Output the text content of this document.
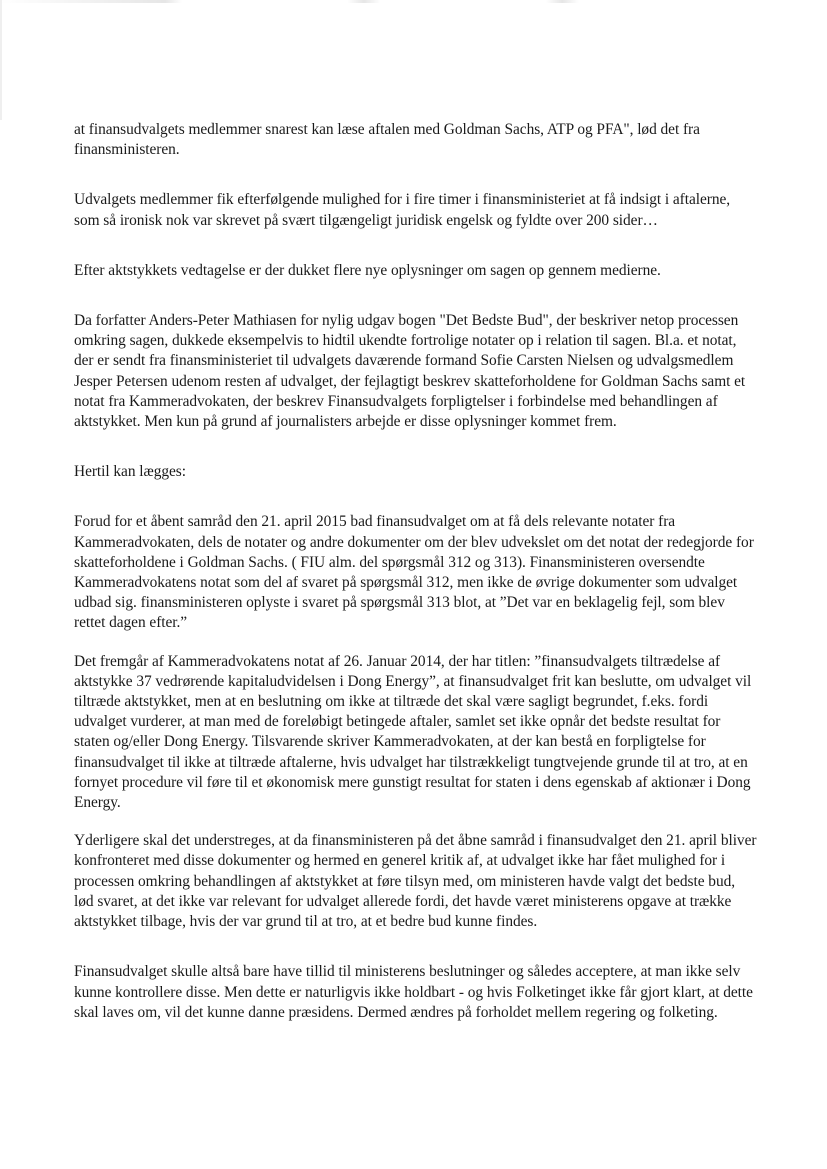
at finansudvalgets medlemmer snarest kan læse aftalen med Goldman Sachs, ATP og PFA", lød det fra finansministeren.

Udvalgets medlemmer fik efterfølgende mulighed for i fire timer i finansministeriet at få indsigt i aftalerne, som så ironisk nok var skrevet på svært tilgængeligt juridisk engelsk og fyldte over 200 sider…

Efter aktstykkets vedtagelse er der dukket flere nye oplysninger om sagen op gennem medierne.

Da forfatter Anders-Peter Mathiasen for nylig udgav bogen "Det Bedste Bud", der beskriver netop processen omkring sagen, dukkede eksempelvis to hidtil ukendte fortrolige notater op i relation til sagen. Bl.a. et notat, der er sendt fra finansministeriet til udvalgets daværende formand Sofie Carsten Nielsen og udvalgsmedlem Jesper Petersen udenom resten af udvalget, der fejlagtigt beskrev skatteforholdene for Goldman Sachs samt et notat fra Kammeradvokaten, der beskrev Finansudvalgets forpligtelser i forbindelse med behandlingen af aktstykket. Men kun på grund af journalisters arbejde er disse oplysninger kommet frem.

Hertil kan lægges:

Forud for et åbent samråd den 21. april 2015 bad finansudvalget om at få dels relevante notater fra Kammeradvokaten, dels de notater og andre dokumenter om der blev udvekslet om det notat der redegjorde for skatteforholdene i Goldman Sachs. ( FIU alm. del spørgsmål 312 og 313). Finansministeren oversendte Kammeradvokatens notat som del af svaret på spørgsmål 312, men ikke de øvrige dokumenter som udvalget udbad sig. finansministeren oplyste i svaret på spørgsmål 313 blot, at ”Det var en beklagelig fejl, som blev rettet dagen efter.”

Det fremgår af Kammeradvokatens notat af 26. Januar 2014, der har titlen: ”finansudvalgets tiltrædelse af aktstykke 37 vedrørende kapitaludvidelsen i Dong Energy”, at finansudvalget frit kan beslutte, om udvalget vil tiltræde aktstykket, men at en beslutning om ikke at tiltræde det skal være sagligt begrundet, f.eks. fordi udvalget vurderer, at man med de foreløbigt betingede aftaler, samlet set ikke opnår det bedste resultat for staten og/eller Dong Energy. Tilsvarende skriver Kammeradvokaten, at der kan bestå en forpligtelse for finansudvalget til ikke at tiltræde aftalerne, hvis udvalget har tilstrækkeligt tungtvejende grunde til at tro, at en fornyet procedure vil føre til et økonomisk mere gunstigt resultat for staten i dens egenskab af aktionær i Dong Energy.

Yderligere skal det understreges, at da finansministeren på det åbne samråd i finansudvalget den 21. april bliver konfronteret med disse dokumenter og hermed en generel kritik af, at udvalget ikke har fået mulighed for i processen omkring behandlingen af aktstykket at føre tilsyn med, om ministeren havde valgt det bedste bud, lød svaret, at det ikke var relevant for udvalget allerede fordi, det havde været ministerens opgave at trække aktstykket tilbage, hvis der var grund til at tro, at et bedre bud kunne findes.

Finansudvalget skulle altså bare have tillid til ministerens beslutninger og således acceptere, at man ikke selv kunne kontrollere disse. Men dette er naturligvis ikke holdbart - og hvis Folketinget ikke får gjort klart, at dette skal laves om, vil det kunne danne præsidens. Dermed ændres på forholdet mellem regering og folketing.
